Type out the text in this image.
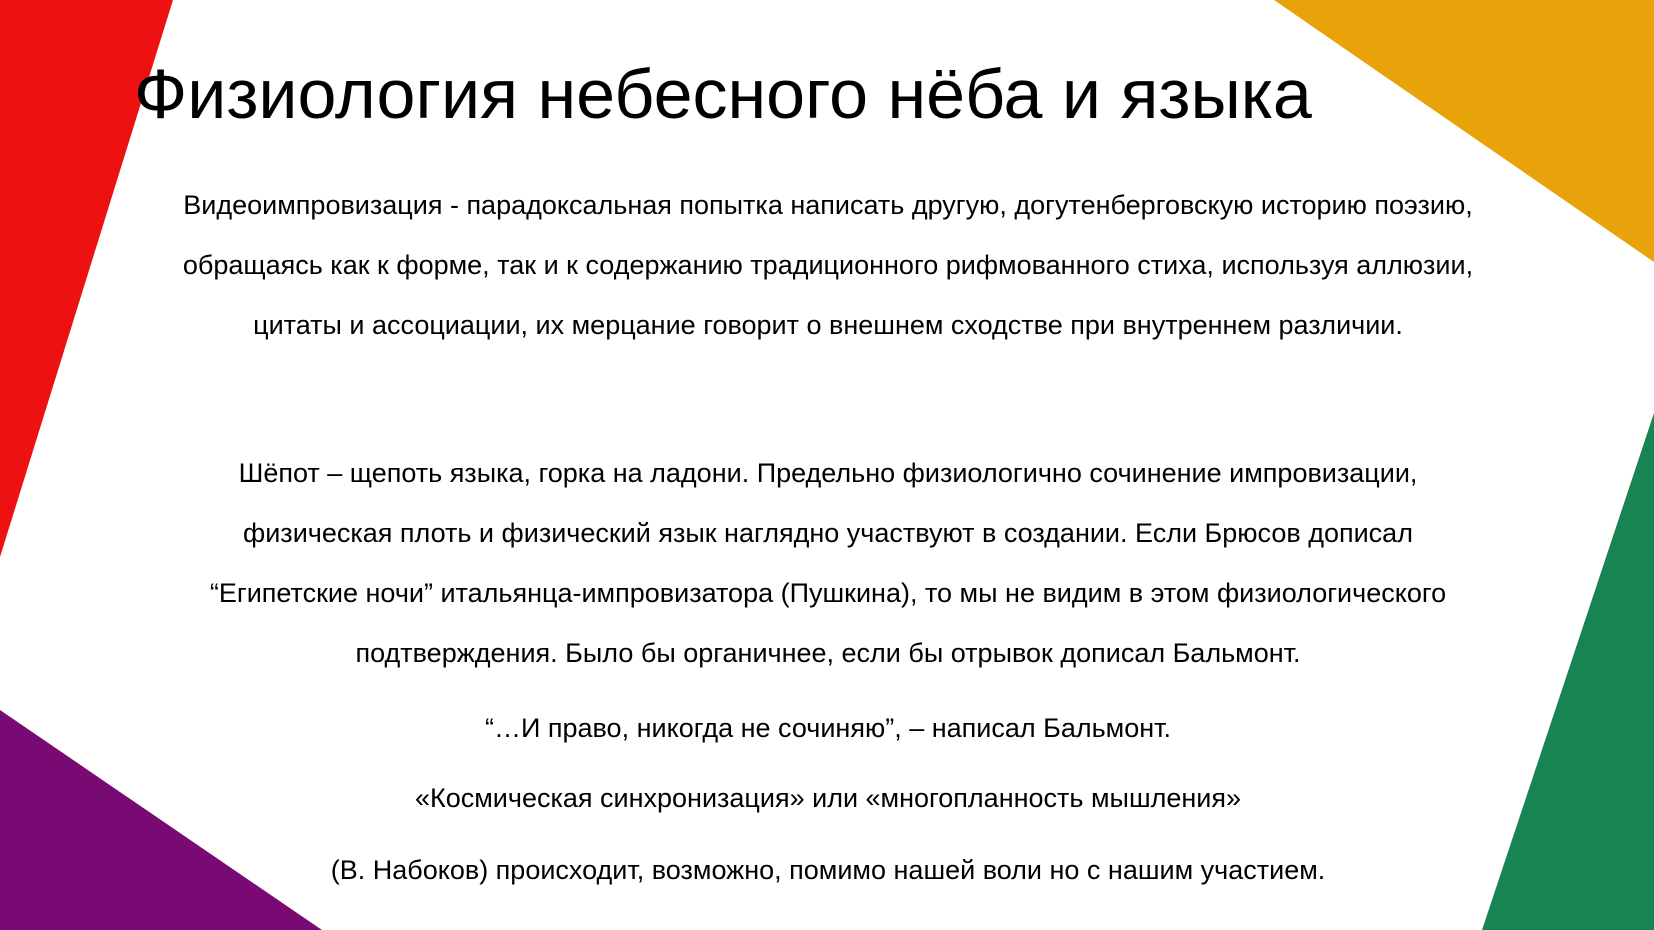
Физиология небесного нёба и языка

Видеоимпровизация - парадоксальная попытка написать другую, догутенберговскую историю поэзию, обращаясь как к форме, так и к содержанию традиционного рифмованного стиха, используя аллюзии, цитаты и ассоциации, их мерцание говорит о внешнем сходстве при внутреннем различии.

Шёпот – щепоть языка, горка на ладони. Предельно физиологично сочинение импровизации, физическая плоть и физический язык наглядно участвуют в создании. Если Брюсов дописал “Египетские ночи” итальянца-импровизатора (Пушкина), то мы не видим в этом физиологического подтверждения. Было бы органичнее, если бы отрывок дописал Бальмонт.

“…И право, никогда не сочиняю”, – написал Бальмонт.

«Космическая синхронизация» или «многопланность мышления»

(В. Набоков) происходит, возможно, помимо нашей воли но с нашим участием.
